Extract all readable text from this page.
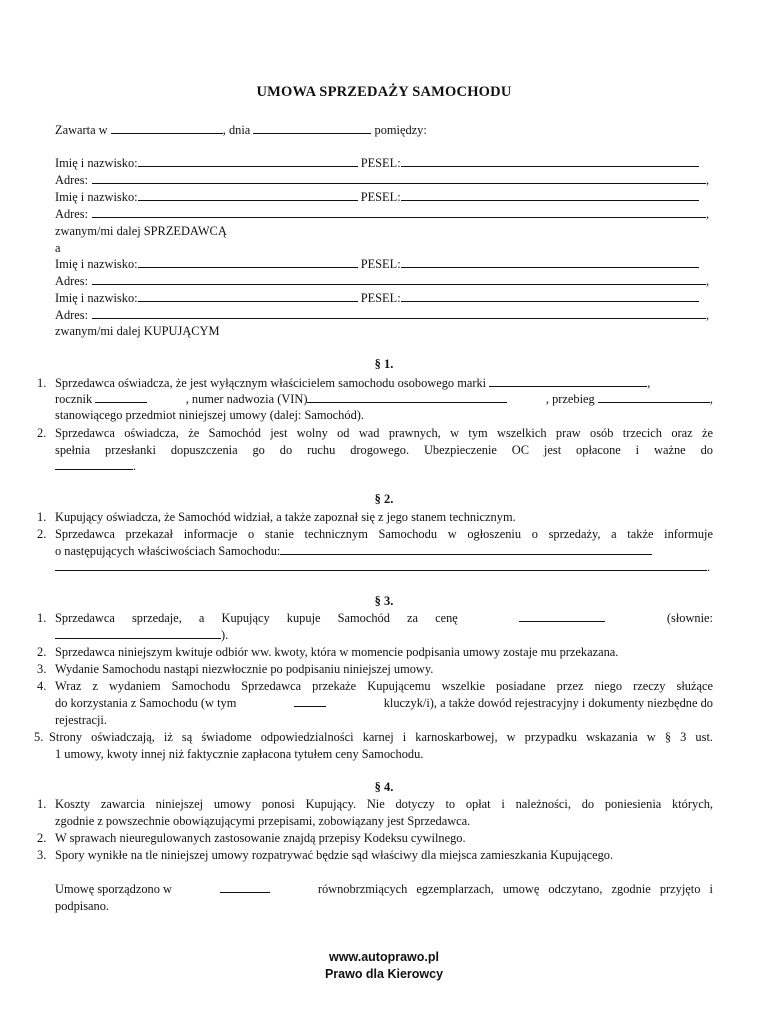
UMOWA SPRZEDAŻY SAMOCHODU
Zawarta w	, dnia	pomiędzy:
Imię i nazwisko:	PESEL:
Adres:	,
Imię i nazwisko:	PESEL:
Adres:	,
zwanym/mi dalej SPRZEDAWCĄ
a
Imię i nazwisko:	PESEL:
Adres:	,
Imię i nazwisko:	PESEL:
Adres:	,
zwanym/mi dalej KUPUJĄCYM
§ 1.
1. Sprzedawca oświadcza, że jest wyłącznym właścicielem samochodu osobowego marki	,
rocznik	, numer nadwozia (VIN)	, przebieg	,
stanowiącego przedmiot niniejszej umowy (dalej: Samochód).
2. Sprzedawca oświadcza, że Samochód jest wolny od wad prawnych, w tym wszelkich praw osób trzecich oraz że
spełnia przesłanki dopuszczenia go do ruchu drogowego. Ubezpieczenie OC jest opłacone i ważne do
.
§ 2.
1. Kupujący oświadcza, że Samochód widział, a także zapoznał się z jego stanem technicznym.
2. Sprzedawca przekazał informacje o stanie technicznym Samochodu w ogłoszeniu o sprzedaży, a także informuje
o następujących właściwościach Samochodu:
.
§ 3.
1. Sprzedawca sprzedaje, a Kupujący kupuje Samochód za cenę	(słownie:
).
2. Sprzedawca niniejszym kwituje odbiór ww. kwoty, która w momencie podpisania umowy zostaje mu przekazana.
3. Wydanie Samochodu nastąpi niezwłocznie po podpisaniu niniejszej umowy.
4. Wraz z wydaniem Samochodu Sprzedawca przekaże Kupującemu wszelkie posiadane przez niego rzeczy służące
do korzystania z Samochodu (w tym	kluczyk/i), a także dowód rejestracyjny i dokumenty niezbędne do
rejestracji.
5. Strony oświadczają, iż są świadome odpowiedzialności karnej i karnoskarbowej, w przypadku wskazania w § 3 ust.
1 umowy, kwoty innej niż faktycznie zapłacona tytułem ceny Samochodu.
§ 4.
1. Koszty zawarcia niniejszej umowy ponosi Kupujący. Nie dotyczy to opłat i należności, do poniesienia których,
zgodnie z powszechnie obowiązującymi przepisami, zobowiązany jest Sprzedawca.
2. W sprawach nieuregulowanych zastosowanie znajdą przepisy Kodeksu cywilnego.
3. Spory wynikłe na tle niniejszej umowy rozpatrywać będzie sąd właściwy dla miejsca zamieszkania Kupującego.
Umowę sporządzono w	równobrzmiących egzemplarzach, umowę odczytano, zgodnie przyjęto i
podpisano.
www.autoprawo.pl
Prawo dla Kierowcy
